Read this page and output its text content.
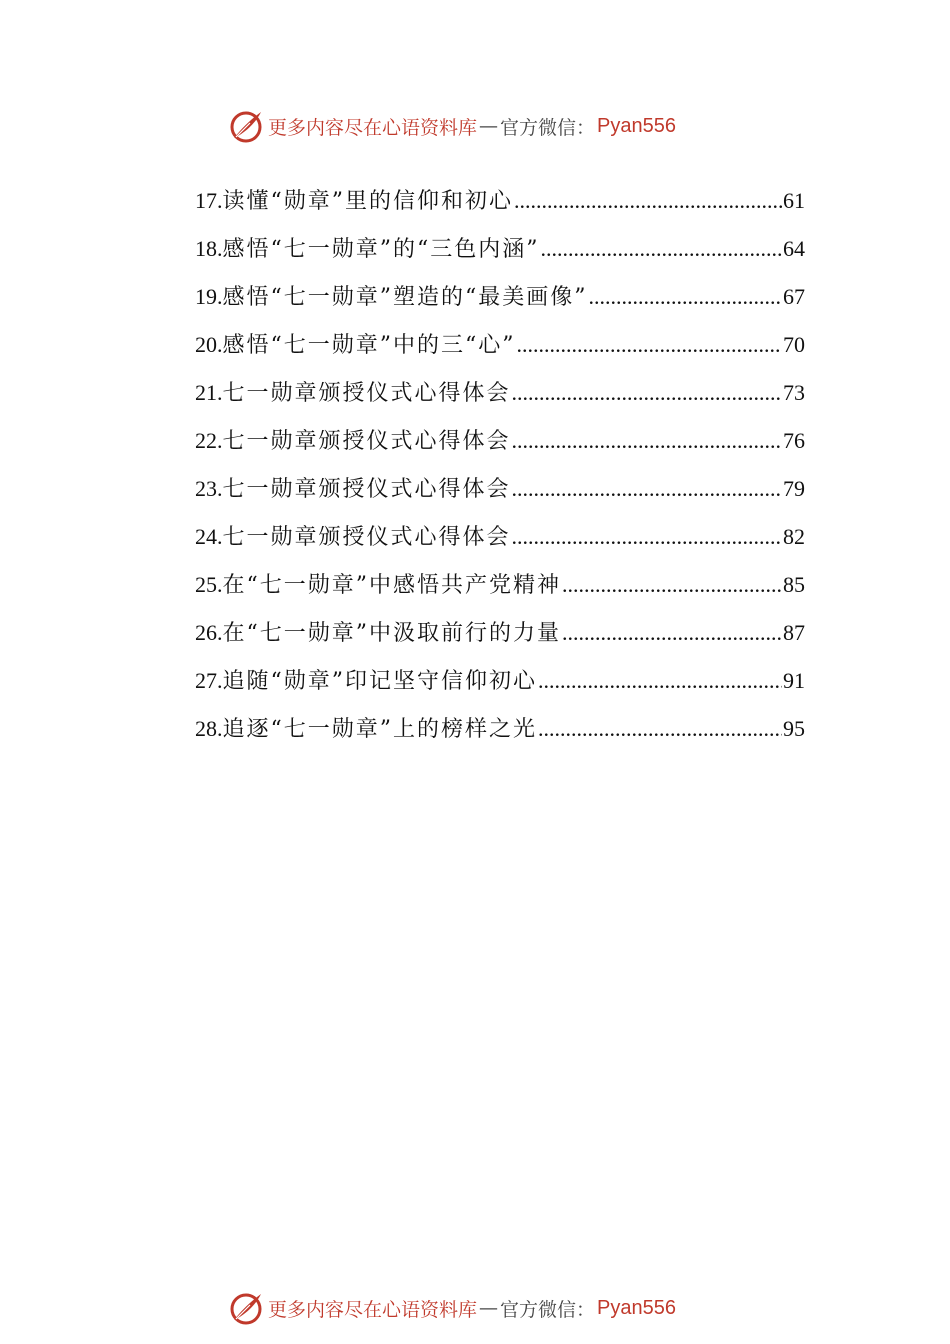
更多内容尽在心语资料库 — 官方微信： Pyan556
17. 读懂“勋章”里的信仰和初心 .....	61
18. 感悟“七一勋章”的“三色内涵” .....	64
19. 感悟“七一勋章”塑造的“最美画像” .....	67
20. 感悟“七一勋章”中的三“心” .....	70
21. 七一勋章颁授仪式心得体会 .....	73
22. 七一勋章颁授仪式心得体会 .....	76
23. 七一勋章颁授仪式心得体会 .....	79
24. 七一勋章颁授仪式心得体会 .....	82
25. 在“七一勋章”中感悟共产党精神 .....	85
26. 在“七一勋章”中汲取前行的力量 .....	87
27. 追随“勋章”印记坚守信仰初心 .....	91
28. 追逐“七一勋章”上的榜样之光 .....	95
更多内容尽在心语资料库 — 官方微信： Pyan556
